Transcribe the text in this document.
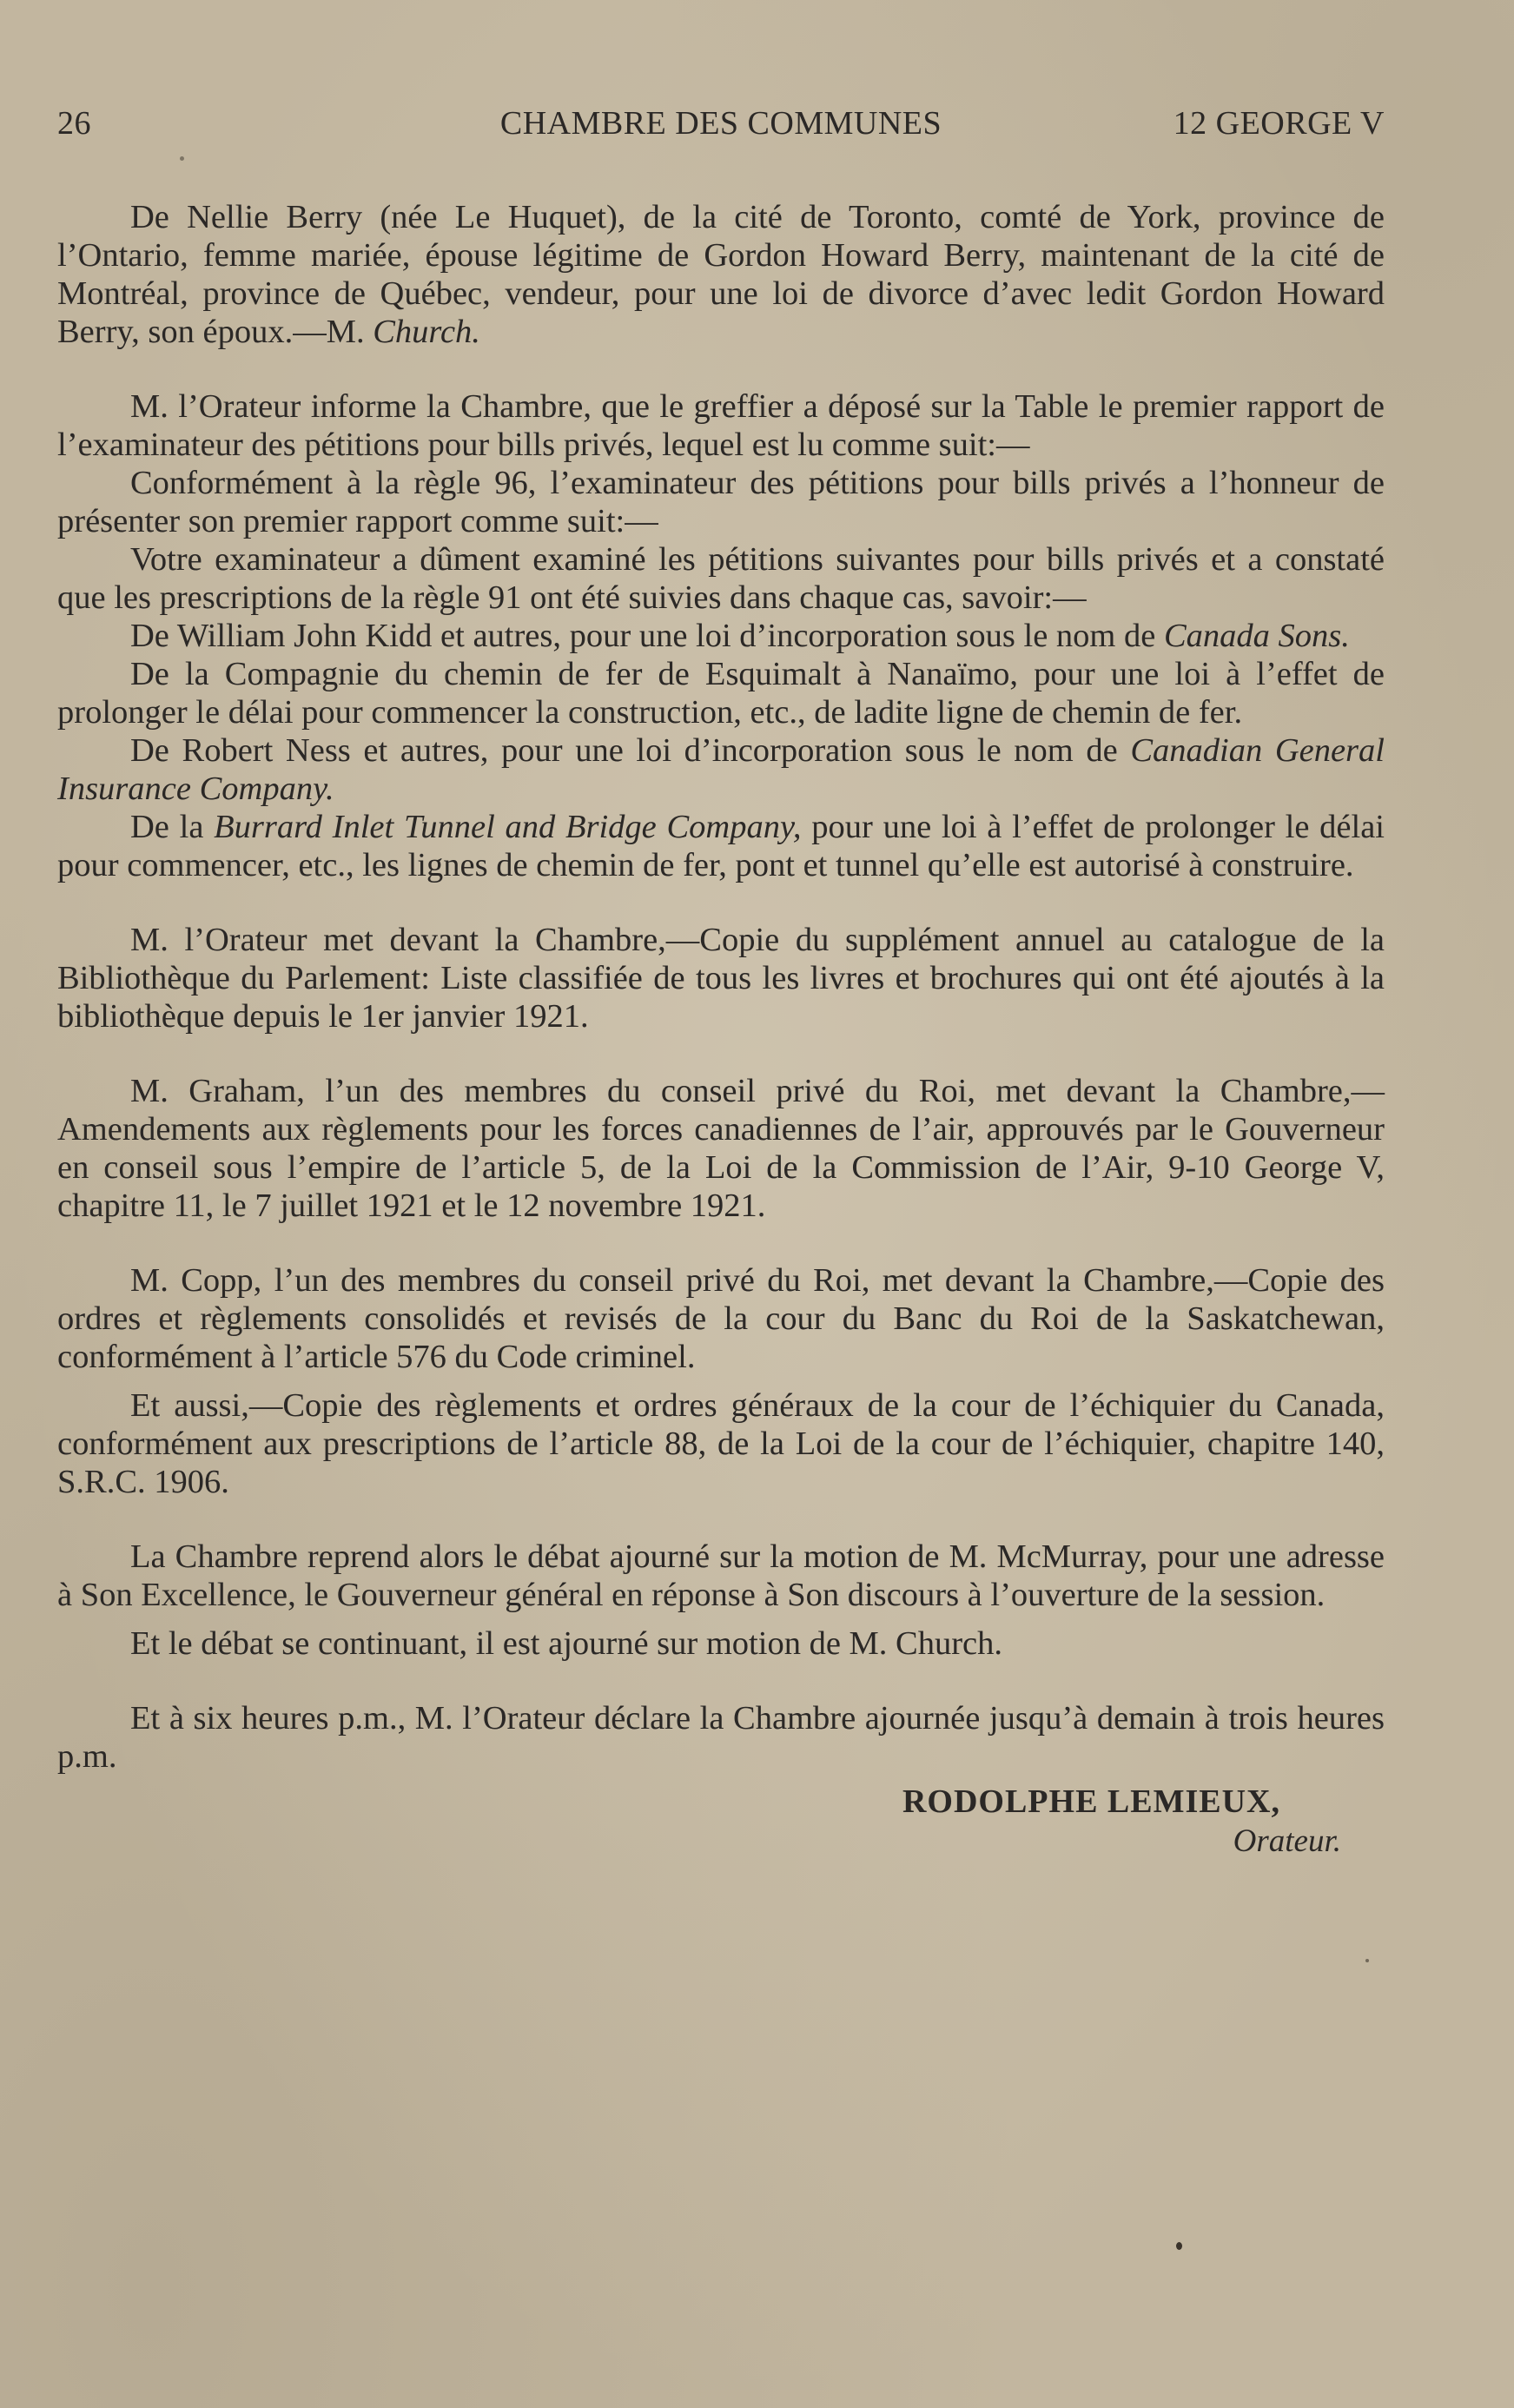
26	CHAMBRE DES COMMUNES	12 GEORGE V

De Nellie Berry (née Le Huquet), de la cité de Toronto, comté de York, province de l’Ontario, femme mariée, épouse légitime de Gordon Howard Berry, maintenant de la cité de Montréal, province de Québec, vendeur, pour une loi de divorce d’avec ledit Gordon Howard Berry, son époux.—M. Church.

M. l’Orateur informe la Chambre, que le greffier a déposé sur la Table le premier rapport de l’examinateur des pétitions pour bills privés, lequel est lu comme suit:—

Conformément à la règle 96, l’examinateur des pétitions pour bills privés a l’honneur de présenter son premier rapport comme suit:—

Votre examinateur a dûment examiné les pétitions suivantes pour bills privés et a constaté que les prescriptions de la règle 91 ont été suivies dans chaque cas, savoir:—

De William John Kidd et autres, pour une loi d’incorporation sous le nom de Canada Sons.

De la Compagnie du chemin de fer de Esquimalt à Nanaïmo, pour une loi à l’effet de prolonger le délai pour commencer la construction, etc., de ladite ligne de chemin de fer.

De Robert Ness et autres, pour une loi d’incorporation sous le nom de Canadian General Insurance Company.

De la Burrard Inlet Tunnel and Bridge Company, pour une loi à l’effet de prolonger le délai pour commencer, etc., les lignes de chemin de fer, pont et tunnel qu’elle est autorisé à construire.

M. l’Orateur met devant la Chambre,—Copie du supplément annuel au catalogue de la Bibliothèque du Parlement: Liste classifiée de tous les livres et brochures qui ont été ajoutés à la bibliothèque depuis le 1er janvier 1921.

M. Graham, l’un des membres du conseil privé du Roi, met devant la Chambre,—Amendements aux règlements pour les forces canadiennes de l’air, approuvés par le Gouverneur en conseil sous l’empire de l’article 5, de la Loi de la Commission de l’Air, 9-10 George V, chapitre 11, le 7 juillet 1921 et le 12 novembre 1921.

M. Copp, l’un des membres du conseil privé du Roi, met devant la Chambre,—Copie des ordres et règlements consolidés et revisés de la cour du Banc du Roi de la Saskatchewan, conformément à l’article 576 du Code criminel.

Et aussi,—Copie des règlements et ordres généraux de la cour de l’échiquier du Canada, conformément aux prescriptions de l’article 88, de la Loi de la cour de l’échiquier, chapitre 140, S.R.C. 1906.

La Chambre reprend alors le débat ajourné sur la motion de M. McMurray, pour une adresse à Son Excellence, le Gouverneur général en réponse à Son discours à l’ouverture de la session.

Et le débat se continuant, il est ajourné sur motion de M. Church.

Et à six heures p.m., M. l’Orateur déclare la Chambre ajournée jusqu’à demain à trois heures p.m.

RODOLPHE LEMIEUX,
Orateur.
